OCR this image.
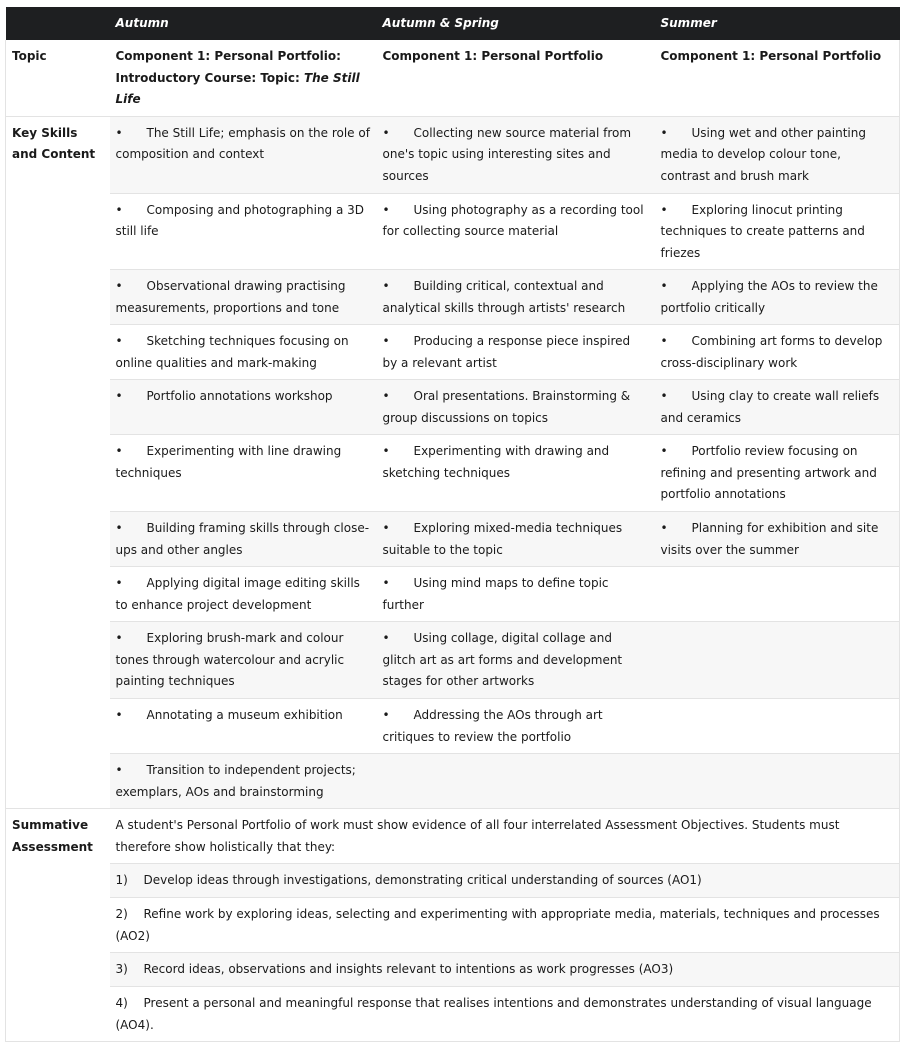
	Autumn	Autumn & Spring	Summer
Topic	Component 1: Personal Portfolio: Introductory Course: Topic: The Still Life	Component 1: Personal Portfolio	Component 1: Personal Portfolio
Key Skills and Content	• The Still Life; emphasis on the role of composition and context	• Collecting new source material from one's topic using interesting sites and sources	• Using wet and other painting media to develop colour tone, contrast and brush mark
	• Composing and photographing a 3D still life	• Using photography as a recording tool for collecting source material	• Exploring linocut printing techniques to create patterns and friezes
	• Observational drawing practising measurements, proportions and tone	• Building critical, contextual and analytical skills through artists' research	• Applying the AOs to review the portfolio critically
	• Sketching techniques focusing on online qualities and mark-making	• Producing a response piece inspired by a relevant artist	• Combining art forms to develop cross-disciplinary work
	• Portfolio annotations workshop	• Oral presentations. Brainstorming & group discussions on topics	• Using clay to create wall reliefs and ceramics
	• Experimenting with line drawing techniques	• Experimenting with drawing and sketching techniques	• Portfolio review focusing on refining and presenting artwork and portfolio annotations
	• Building framing skills through close-ups and other angles	• Exploring mixed-media techniques suitable to the topic	• Planning for exhibition and site visits over the summer
	• Applying digital image editing skills to enhance project development	• Using mind maps to define topic further	
	• Exploring brush-mark and colour tones through watercolour and acrylic painting techniques	• Using collage, digital collage and glitch art as art forms and development stages for other artworks	
	• Annotating a museum exhibition	• Addressing the AOs through art critiques to review the portfolio	
	• Transition to independent projects; exemplars, AOs and brainstorming		
Summative Assessment	A student's Personal Portfolio of work must show evidence of all four interrelated Assessment Objectives. Students must therefore show holistically that they:		
	1) Develop ideas through investigations, demonstrating critical understanding of sources (AO1)		
	2) Refine work by exploring ideas, selecting and experimenting with appropriate media, materials, techniques and processes (AO2)		
	3) Record ideas, observations and insights relevant to intentions as work progresses (AO3)		
	4) Present a personal and meaningful response that realises intentions and demonstrates understanding of visual language (AO4).		
